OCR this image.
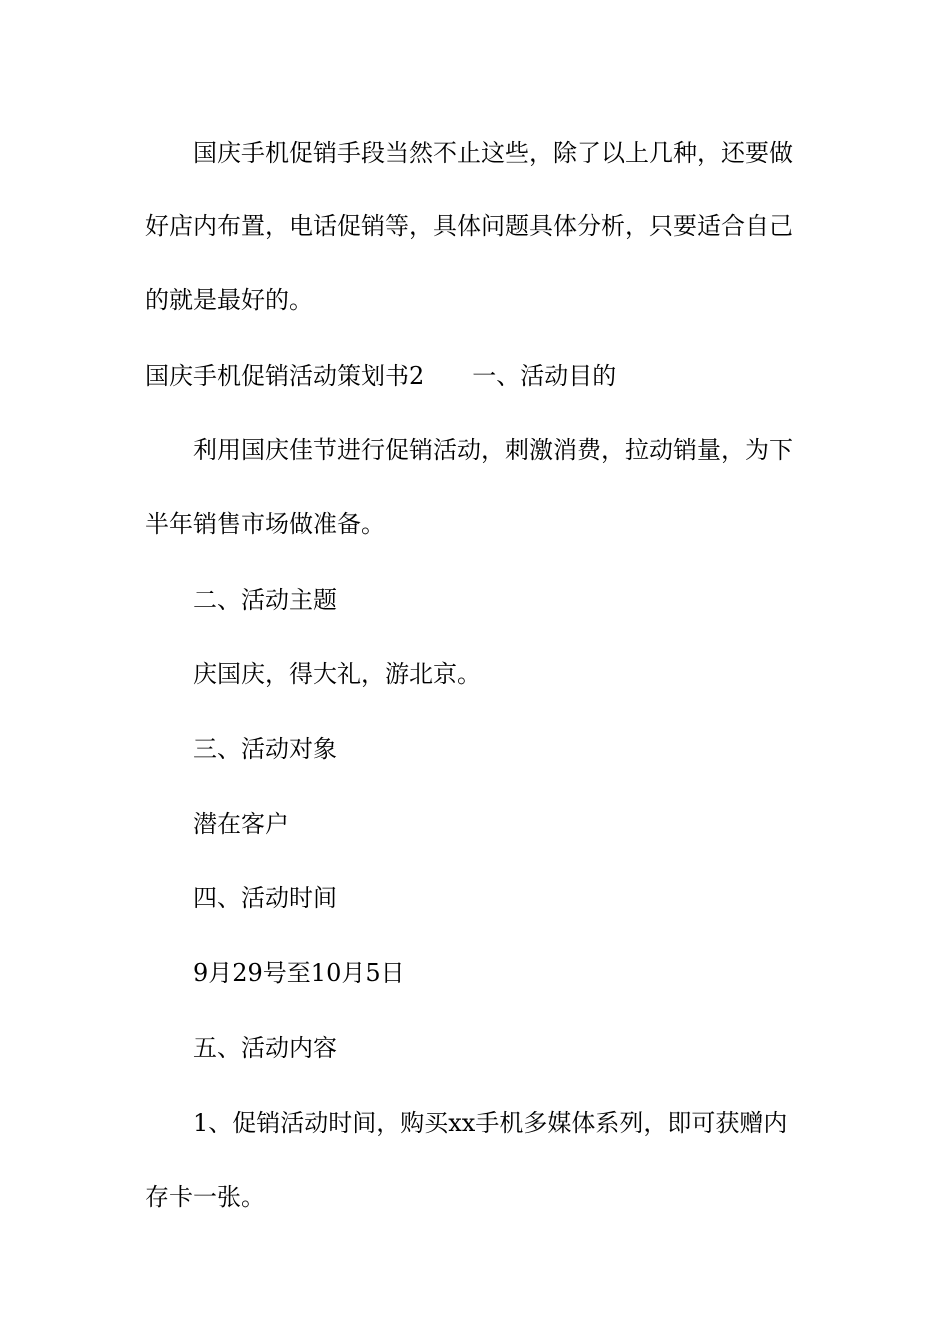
国庆手机促销手段当然不止这些，除了以上几种，还要做
好店内布置，电话促销等，具体问题具体分析，只要适合自己
的就是最好的。
国庆手机促销活动策划书2 一、活动目的
利用国庆佳节进行促销活动，刺激消费，拉动销量，为下
半年销售市场做准备。
二、活动主题
庆国庆，得大礼，游北京。
三、活动对象
潜在客户
四、活动时间
9月29号至10月5日
五、活动内容
1、促销活动时间，购买xx手机多媒体系列，即可获赠内
存卡一张。
